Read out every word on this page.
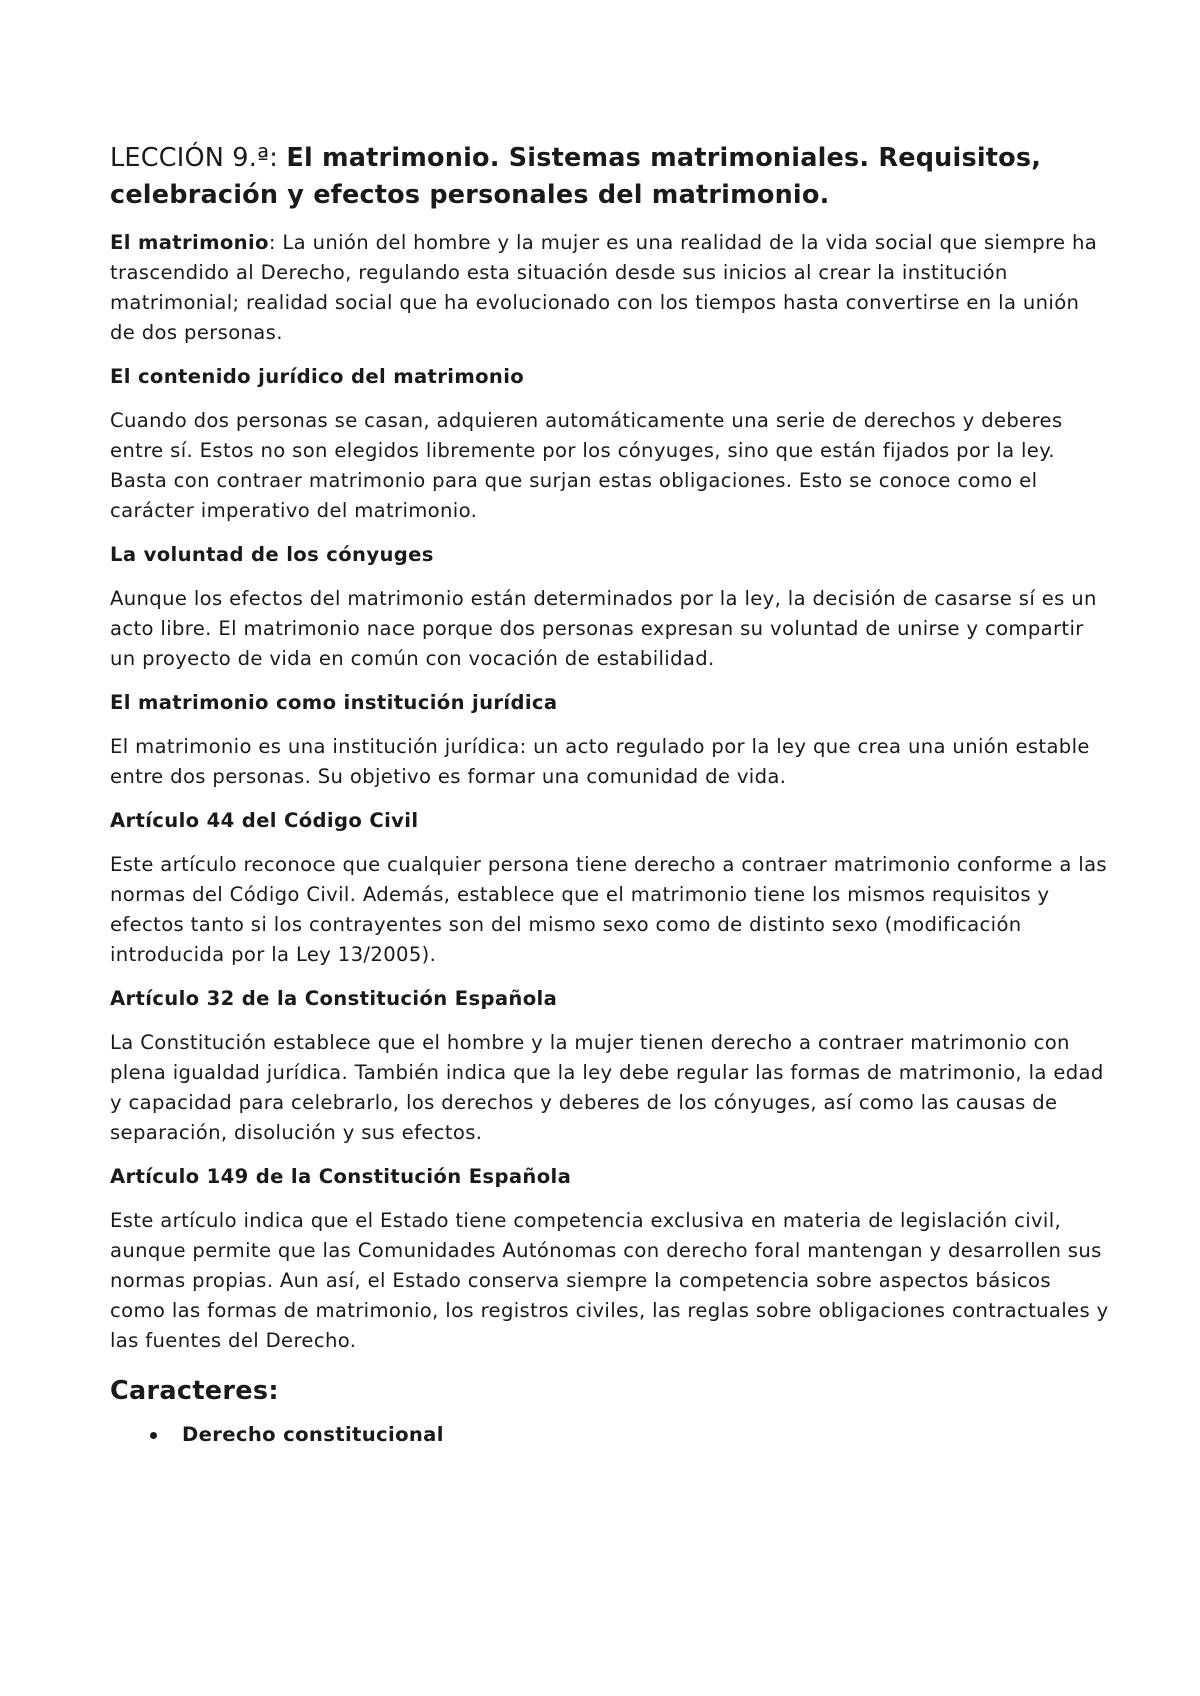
LECCIÓN 9.ª: El matrimonio. Sistemas matrimoniales. Requisitos, celebración y efectos personales del matrimonio.

El matrimonio: La unión del hombre y la mujer es una realidad de la vida social que siempre ha trascendido al Derecho, regulando esta situación desde sus inicios al crear la institución matrimonial; realidad social que ha evolucionado con los tiempos hasta convertirse en la unión de dos personas.

El contenido jurídico del matrimonio

Cuando dos personas se casan, adquieren automáticamente una serie de derechos y deberes entre sí. Estos no son elegidos libremente por los cónyuges, sino que están fijados por la ley. Basta con contraer matrimonio para que surjan estas obligaciones. Esto se conoce como el carácter imperativo del matrimonio.

La voluntad de los cónyuges

Aunque los efectos del matrimonio están determinados por la ley, la decisión de casarse sí es un acto libre. El matrimonio nace porque dos personas expresan su voluntad de unirse y compartir un proyecto de vida en común con vocación de estabilidad.

El matrimonio como institución jurídica

El matrimonio es una institución jurídica: un acto regulado por la ley que crea una unión estable entre dos personas. Su objetivo es formar una comunidad de vida.

Artículo 44 del Código Civil

Este artículo reconoce que cualquier persona tiene derecho a contraer matrimonio conforme a las normas del Código Civil. Además, establece que el matrimonio tiene los mismos requisitos y efectos tanto si los contrayentes son del mismo sexo como de distinto sexo (modificación introducida por la Ley 13/2005).

Artículo 32 de la Constitución Española

La Constitución establece que el hombre y la mujer tienen derecho a contraer matrimonio con plena igualdad jurídica. También indica que la ley debe regular las formas de matrimonio, la edad y capacidad para celebrarlo, los derechos y deberes de los cónyuges, así como las causas de separación, disolución y sus efectos.

Artículo 149 de la Constitución Española

Este artículo indica que el Estado tiene competencia exclusiva en materia de legislación civil, aunque permite que las Comunidades Autónomas con derecho foral mantengan y desarrollen sus normas propias. Aun así, el Estado conserva siempre la competencia sobre aspectos básicos como las formas de matrimonio, los registros civiles, las reglas sobre obligaciones contractuales y las fuentes del Derecho.

Caracteres:
Derecho constitucional
